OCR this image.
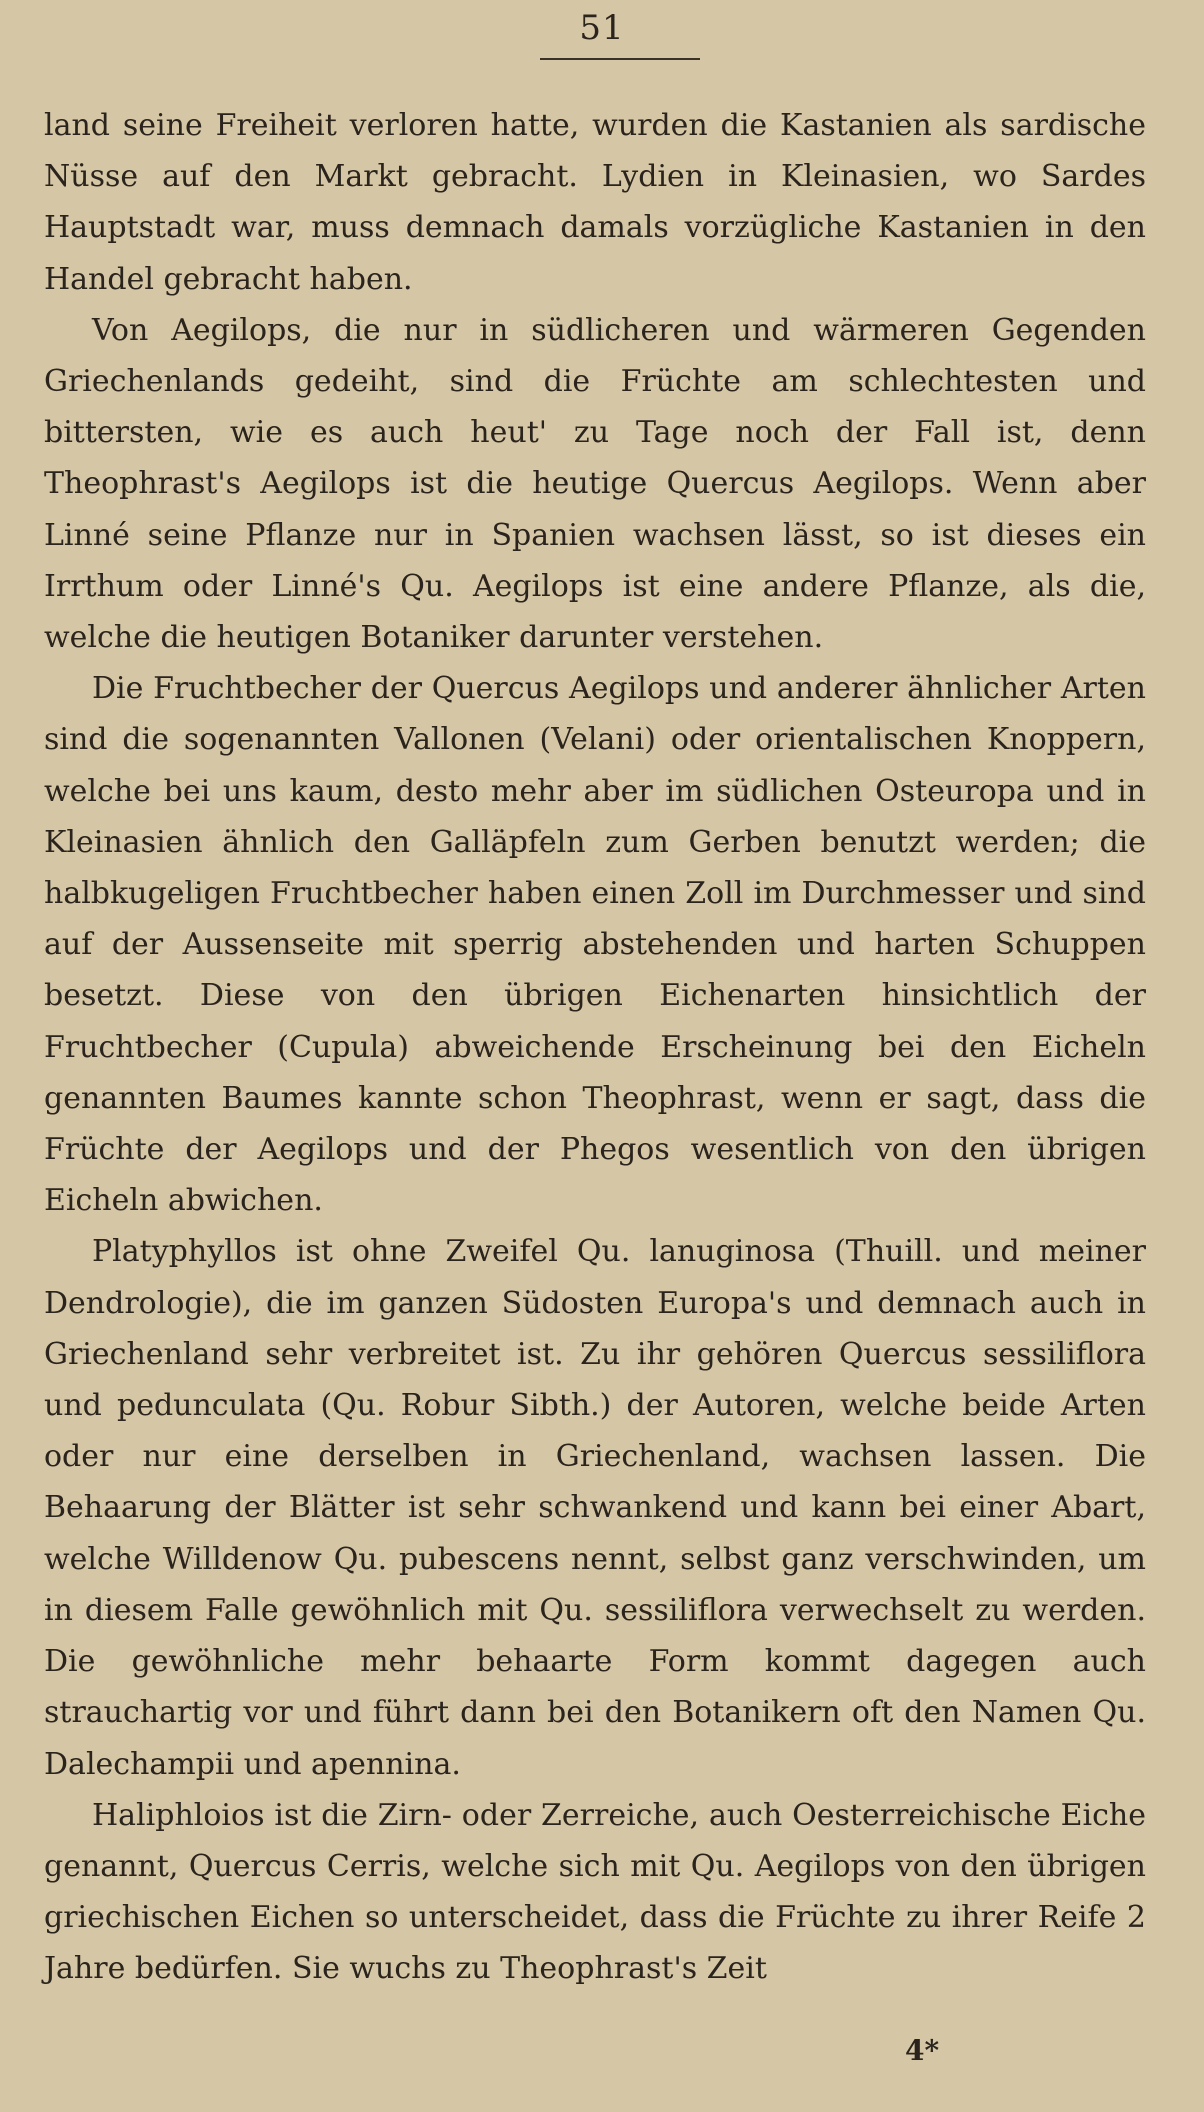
51

land seine Freiheit verloren hatte, wurden die Kastanien als sardische Nüsse auf den Markt gebracht. Lydien in Kleinasien, wo Sardes Hauptstadt war, muss demnach damals vorzügliche Kastanien in den Handel gebracht haben.

Von Aegilops, die nur in südlicheren und wärmeren Gegenden Griechenlands gedeiht, sind die Früchte am schlechtesten und bittersten, wie es auch heut' zu Tage noch der Fall ist, denn Theophrast's Aegilops ist die heutige Quercus Aegilops. Wenn aber Linné seine Pflanze nur in Spanien wachsen lässt, so ist dieses ein Irrthum oder Linné's Qu. Aegilops ist eine andere Pflanze, als die, welche die heutigen Botaniker darunter verstehen.

Die Fruchtbecher der Quercus Aegilops und anderer ähnlicher Arten sind die sogenannten Vallonen (Velani) oder orientalischen Knoppern, welche bei uns kaum, desto mehr aber im südlichen Osteuropa und in Kleinasien ähnlich den Galläpfeln zum Gerben benutzt werden; die halbkugeligen Fruchtbecher haben einen Zoll im Durchmesser und sind auf der Aussenseite mit sperrig abstehenden und harten Schuppen besetzt. Diese von den übrigen Eichenarten hinsichtlich der Fruchtbecher (Cupula) abweichende Erscheinung bei den Eicheln genannten Baumes kannte schon Theophrast, wenn er sagt, dass die Früchte der Aegilops und der Phegos wesentlich von den übrigen Eicheln abwichen.

Platyphyllos ist ohne Zweifel Qu. lanuginosa (Thuill. und meiner Dendrologie), die im ganzen Südosten Europa's und demnach auch in Griechenland sehr verbreitet ist. Zu ihr gehören Quercus sessiliflora und pedunculata (Qu. Robur Sibth.) der Autoren, welche beide Arten oder nur eine derselben in Griechenland, wachsen lassen. Die Behaarung der Blätter ist sehr schwankend und kann bei einer Abart, welche Willdenow Qu. pubescens nennt, selbst ganz verschwinden, um in diesem Falle gewöhnlich mit Qu. sessiliflora verwechselt zu werden. Die gewöhnliche mehr behaarte Form kommt dagegen auch strauchartig vor und führt dann bei den Botanikern oft den Namen Qu. Dalechampii und apennina.

Haliphloios ist die Zirn- oder Zerreiche, auch Oesterreichische Eiche genannt, Quercus Cerris, welche sich mit Qu. Aegilops von den übrigen griechischen Eichen so unterscheidet, dass die Früchte zu ihrer Reife 2 Jahre bedürfen. Sie wuchs zu Theophrast's Zeit

4*
